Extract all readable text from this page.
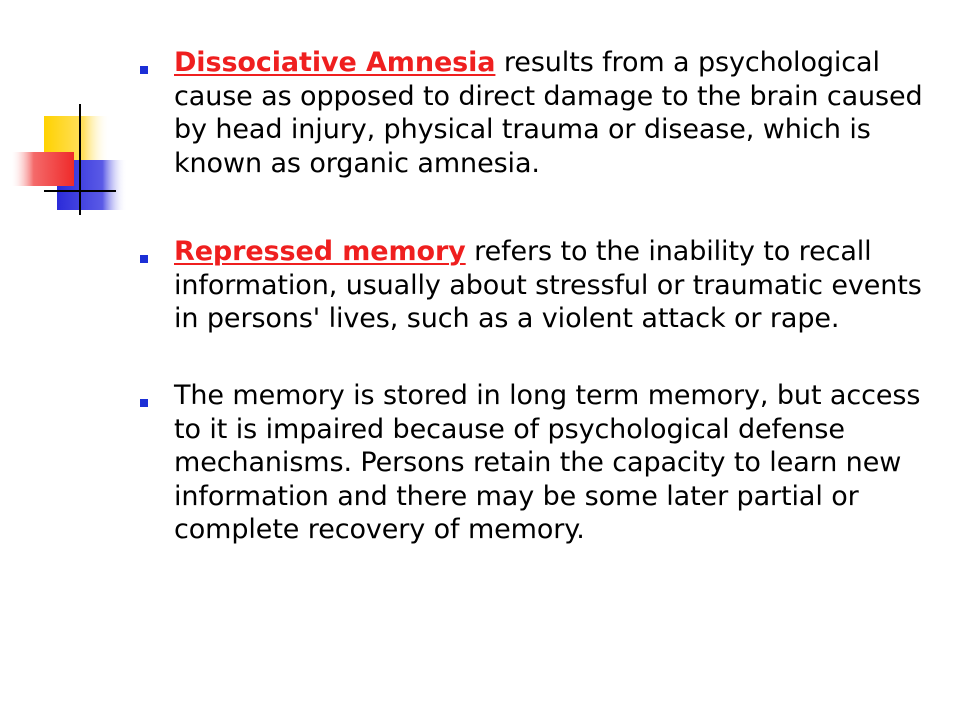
Dissociative Amnesia results from a psychological cause as opposed to direct damage to the brain caused by head injury, physical trauma or disease, which is known as organic amnesia.
Repressed memory refers to the inability to recall information, usually about stressful or traumatic events in persons' lives, such as a violent attack or rape.
The memory is stored in long term memory, but access to it is impaired because of psychological defense mechanisms. Persons retain the capacity to learn new information and there may be some later partial or complete recovery of memory.
